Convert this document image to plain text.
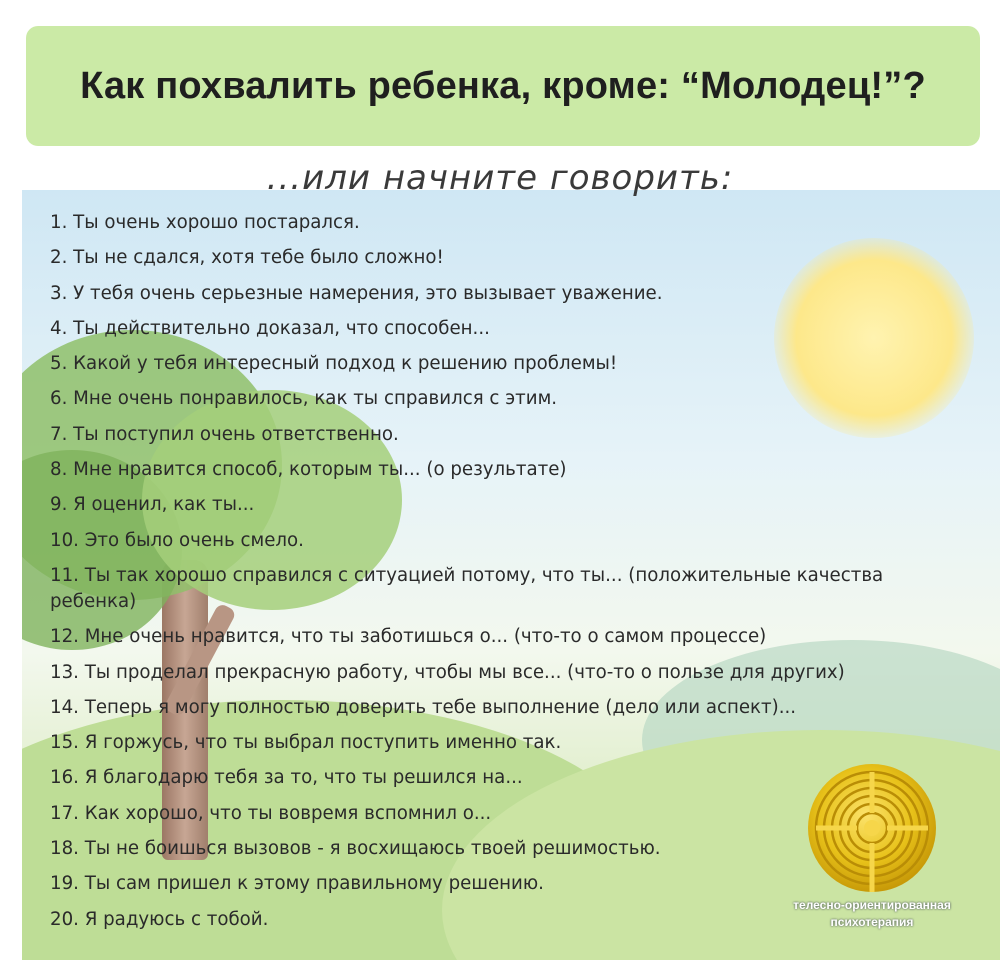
Как похвалить ребенка, кроме: “Молодец!”?
...или начните говорить:
1. Ты очень хорошо постарался.
2. Ты не сдался, хотя тебе было сложно!
3. У тебя очень серьезные намерения, это вызывает уважение.
4. Ты действительно доказал, что способен...
5. Какой у тебя интересный подход к решению проблемы!
6. Мне очень понравилось, как ты справился с этим.
7. Ты поступил очень ответственно.
8. Мне нравится способ, которым ты... (о результате)
9. Я оценил, как ты...
10. Это было очень смело.
11. Ты так хорошо справился с ситуацией потому, что ты... (положительные качества ребенка)
12. Мне очень нравится, что ты заботишься о... (что-то о самом процессе)
13. Ты проделал прекрасную работу, чтобы мы все... (что-то о пользе для других)
14. Теперь я могу полностью доверить тебе выполнение (дело или аспект)...
15. Я горжусь, что ты выбрал поступить именно так.
16. Я благодарю тебя за то, что ты решился на...
17. Как хорошо, что ты вовремя вспомнил о...
18. Ты не боишься вызовов - я восхищаюсь твоей решимостью.
19. Ты сам пришел к этому правильному решению.
20. Я радуюсь с тобой.
телесно-ориентированная
психотерапия
